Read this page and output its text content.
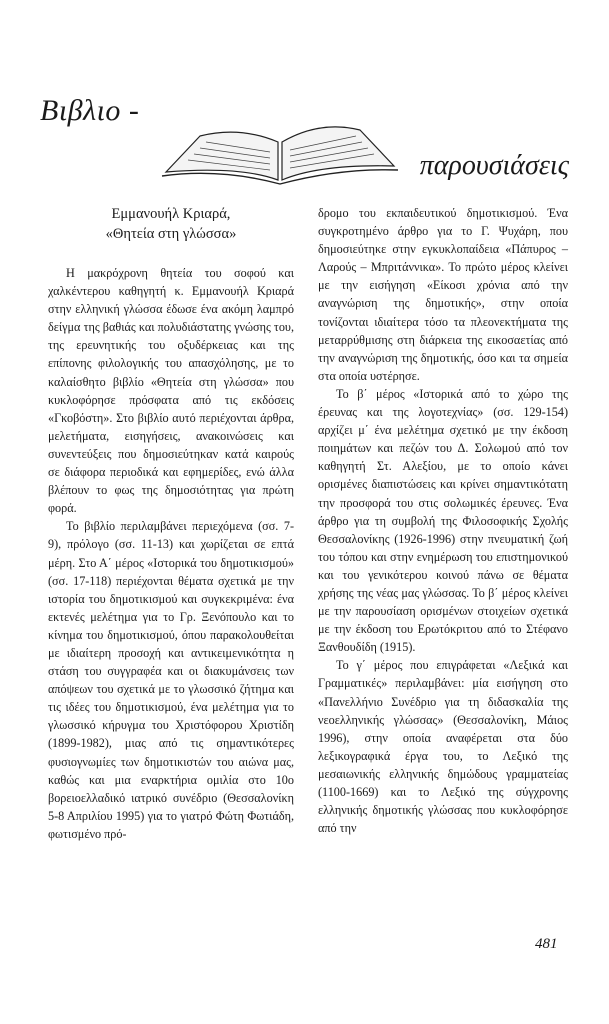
Βιβλιο -
παρουσιάσεις
Εμμανουήλ Κριαρά,
«Θητεία στη γλώσσα»

Η μακρόχρονη θητεία του σοφού και χαλκέντερου καθηγητή κ. Εμμανουήλ Κριαρά στην ελληνική γλώσσα έδωσε ένα ακόμη λαμπρό δείγμα της βαθιάς και πολυδιάστατης γνώσης του, της ερευνητικής του οξυδέρκειας και της επίπονης φιλολογικής του απασχόλησης, με το καλαίσθητο βιβλίο «Θητεία στη γλώσσα» που κυκλοφόρησε πρόσφατα από τις εκδόσεις «Γκοβόστη». Στο βιβλίο αυτό περιέχονται άρθρα, μελετήματα, εισηγήσεις, ανακοινώσεις και συνεντεύξεις που δημοσιεύτηκαν κατά καιρούς σε διάφορα περιοδικά και εφημερίδες, ενώ άλλα βλέπουν το φως της δημοσιότητας για πρώτη φορά.

Το βιβλίο περιλαμβάνει περιεχόμενα (σσ. 7-9), πρόλογο (σσ. 11-13) και χωρίζεται σε επτά μέρη. Στο Α΄ μέρος «Ιστορικά του δημοτικισμού» (σσ. 17-118) περιέχονται θέματα σχετικά με την ιστορία του δημοτικισμού και συγκεκριμένα: ένα εκτενές μελέτημα για το Γρ. Ξενόπουλο και το κίνημα του δημοτικισμού, όπου παρακολουθείται με ιδιαίτερη προσοχή και αντικειμενικότητα η στάση του συγγραφέα και οι διακυμάνσεις των απόψεων του σχετικά με το γλωσσικό ζήτημα και τις ιδέες του δημοτικισμού, ένα μελέτημα για το γλωσσικό κήρυγμα του Χριστόφορου Χριστίδη (1899-1982), μιας από τις σημαντικότερες φυσιογνωμίες των δημοτικιστών του αιώνα μας, καθώς και μια εναρκτήρια ομιλία στο 10ο βορειοελλαδικό ιατρικό συνέδριο (Θεσσαλονίκη 5-8 Απριλίου 1995) για το γιατρό Φώτη Φωτιάδη, φωτισμένο πρό-

δρομο του εκπαιδευτικού δημοτικισμού. Ένα συγκροτημένο άρθρο για το Γ. Ψυχάρη, που δημοσιεύτηκε στην εγκυκλοπαίδεια «Πάπυρος – Λαρούς – Μπριτάννικα». Το πρώτο μέρος κλείνει με την εισήγηση «Είκοσι χρόνια από την αναγνώριση της δημοτικής», στην οποία τονίζονται ιδιαίτερα τόσο τα πλεονεκτήματα της μεταρρύθμισης στη διάρκεια της εικοσαετίας από την αναγνώριση της δημοτικής, όσο και τα σημεία στα οποία υστέρησε.

Το β΄ μέρος «Ιστορικά από το χώρο της έρευνας και της λογοτεχνίας» (σσ. 129-154) αρχίζει μ΄ ένα μελέτημα σχετικό με την έκδοση ποιημάτων και πεζών του Δ. Σολωμού από τον καθηγητή Στ. Αλεξίου, με το οποίο κάνει ορισμένες διαπιστώσεις και κρίνει σημαντικότατη την προσφορά του στις σολωμικές έρευνες. Ένα άρθρο για τη συμβολή της Φιλοσοφικής Σχολής Θεσσαλονίκης (1926-1996) στην πνευματική ζωή του τόπου και στην ενημέρωση του επιστημονικού και του γενικότερου κοινού πάνω σε θέματα χρήσης της νέας μας γλώσσας. Το β΄ μέρος κλείνει με την παρουσίαση ορισμένων στοιχείων σχετικά με την έκδοση του Ερωτόκριτου από το Στέφανο Ξανθουδίδη (1915).

Το γ΄ μέρος που επιγράφεται «Λεξικά και Γραμματικές» περιλαμβάνει: μία εισήγηση στο «Πανελλήνιο Συνέδριο για τη διδασκαλία της νεοελληνικής γλώσσας» (Θεσσαλονίκη, Μάιος 1996), στην οποία αναφέρεται στα δύο λεξικογραφικά έργα του, το Λεξικό της μεσαιωνικής ελληνικής δημώδους γραμματείας (1100-1669) και το Λεξικό της σύγχρονης ελληνικής δημοτικής γλώσσας που κυκλοφόρησε από την

481
